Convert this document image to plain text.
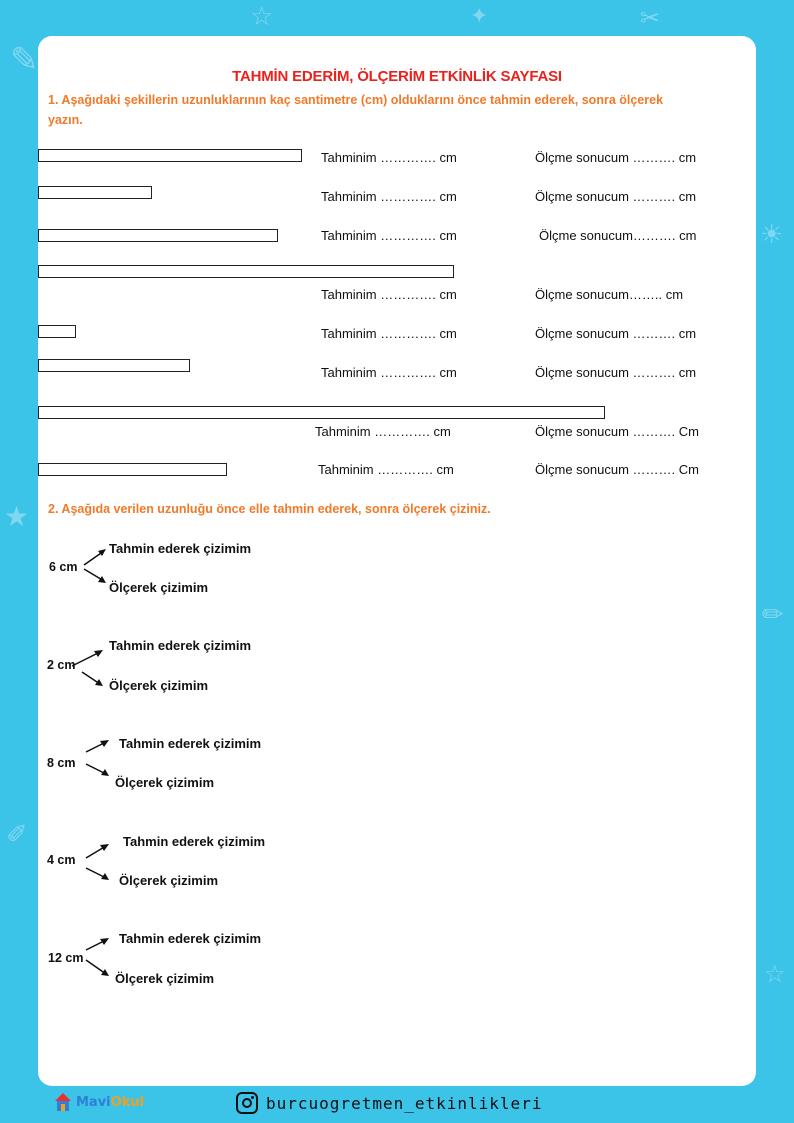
✎
☆	✦	✂
☀
★
✏
✐
☆
TAHMİN EDERİM, ÖLÇERİM ETKİNLİK SAYFASI
1. Aşağıdaki şekillerin uzunluklarının kaç santimetre (cm) olduklarını önce tahmin ederek, sonra ölçerek
yazın.
Tahminim …………. cm	Ölçme sonucum ………. cm
Tahminim …………. cm	Ölçme sonucum ………. cm
Tahminim …………. cm	Ölçme sonucum………. cm
Tahminim …………. cm	Ölçme sonucum…….. cm
Tahminim …………. cm	Ölçme sonucum ………. cm
Tahminim …………. cm	Ölçme sonucum ………. cm
Tahminim …………. cm	Ölçme sonucum ………. Cm
Tahminim …………. cm	Ölçme sonucum ………. Cm
2. Aşağıda verilen uzunluğu önce elle tahmin ederek, sonra ölçerek çiziniz.
6 cm
Tahmin ederek çizimim
Ölçerek çizimim
2 cm
Tahmin ederek çizimim
Ölçerek çizimim
8 cm
Tahmin ederek çizimim
Ölçerek çizimim
4 cm
Tahmin ederek çizimim
Ölçerek çizimim
12 cm
Tahmin ederek çizimim
Ölçerek çizimim
MaviOkul	burcuogretmen_etkinlikleri
